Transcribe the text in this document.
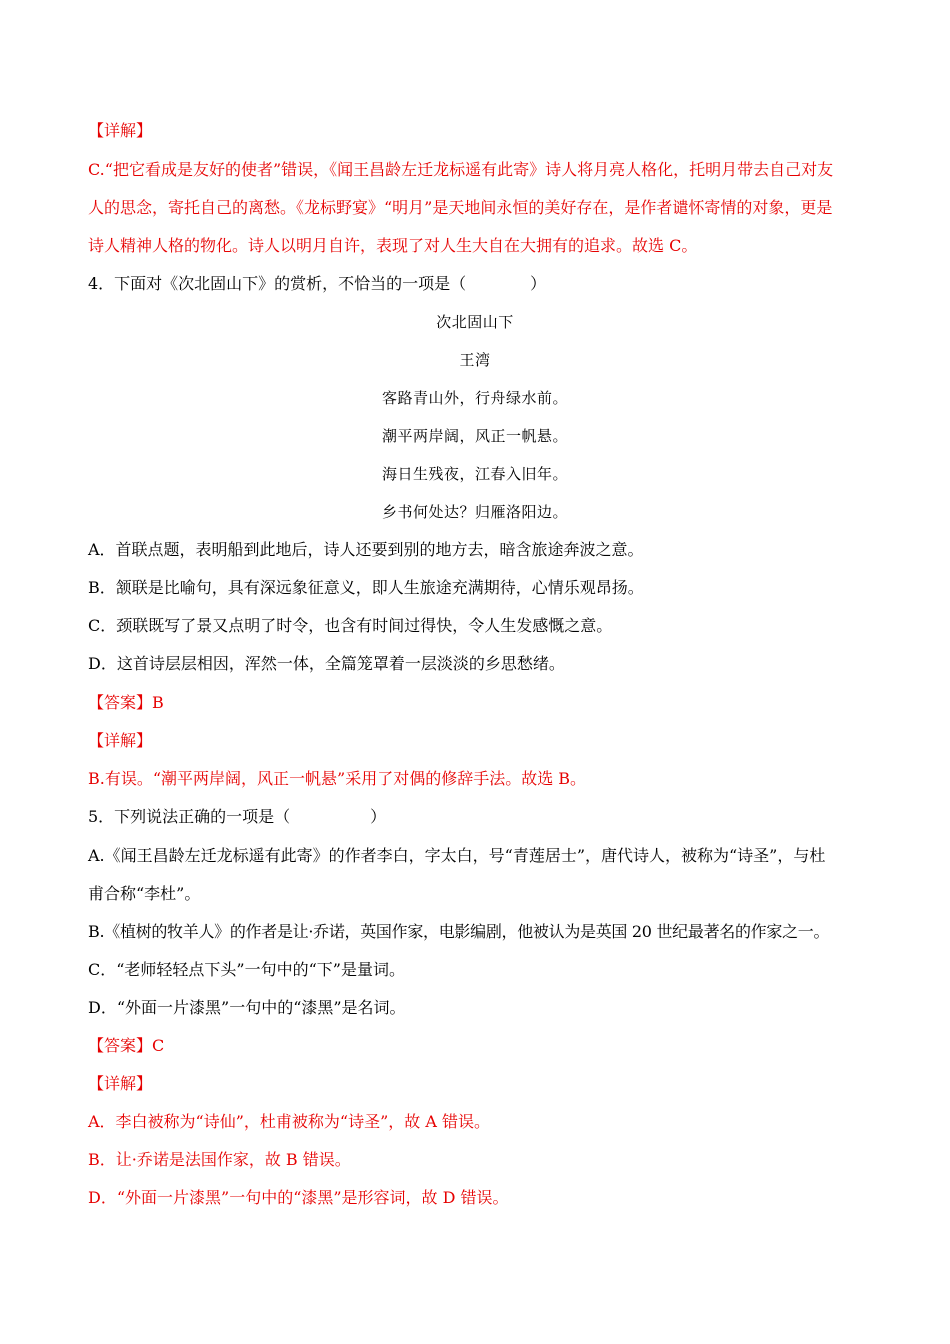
【详解】
C.“把它看成是友好的使者”错误，《闻王昌龄左迁龙标遥有此寄》诗人将月亮人格化，托明月带去自己对友
人的思念，寄托自己的离愁。《龙标野宴》“明月”是天地间永恒的美好存在，是作者谴怀寄情的对象，更是
诗人精神人格的物化。诗人以明月自许，表现了对人生大自在大拥有的追求。故选 C。
4．下面对《次北固山下》的赏析，不恰当的一项是（　　　　）
次北固山下
王湾
客路青山外，行舟绿水前。
潮平两岸阔，风正一帆悬。
海日生残夜，江春入旧年。
乡书何处达？归雁洛阳边。
A．首联点题，表明船到此地后，诗人还要到别的地方去，暗含旅途奔波之意。
B．颔联是比喻句，具有深远象征意义，即人生旅途充满期待，心情乐观昂扬。
C．颈联既写了景又点明了时令，也含有时间过得快，令人生发感慨之意。
D．这首诗层层相因，浑然一体，全篇笼罩着一层淡淡的乡思愁绪。
【答案】B
【详解】
B.有误。“潮平两岸阔，风正一帆悬”采用了对偶的修辞手法。故选 B。
5．下列说法正确的一项是（　　　　　）
A.《闻王昌龄左迁龙标遥有此寄》的作者李白，字太白，号“青莲居士”，唐代诗人，被称为“诗圣”，与杜
甫合称“李杜”。
B.《植树的牧羊人》的作者是让·乔诺，英国作家，电影编剧，他被认为是英国 20 世纪最著名的作家之一。
C．“老师轻轻点下头”一句中的“下”是量词。
D．“外面一片漆黑”一句中的“漆黑”是名词。
【答案】C
【详解】
A．李白被称为“诗仙”，杜甫被称为“诗圣”，故 A 错误。
B．让·乔诺是法国作家，故 B 错误。
D．“外面一片漆黑”一句中的“漆黑”是形容词，故 D 错误。
